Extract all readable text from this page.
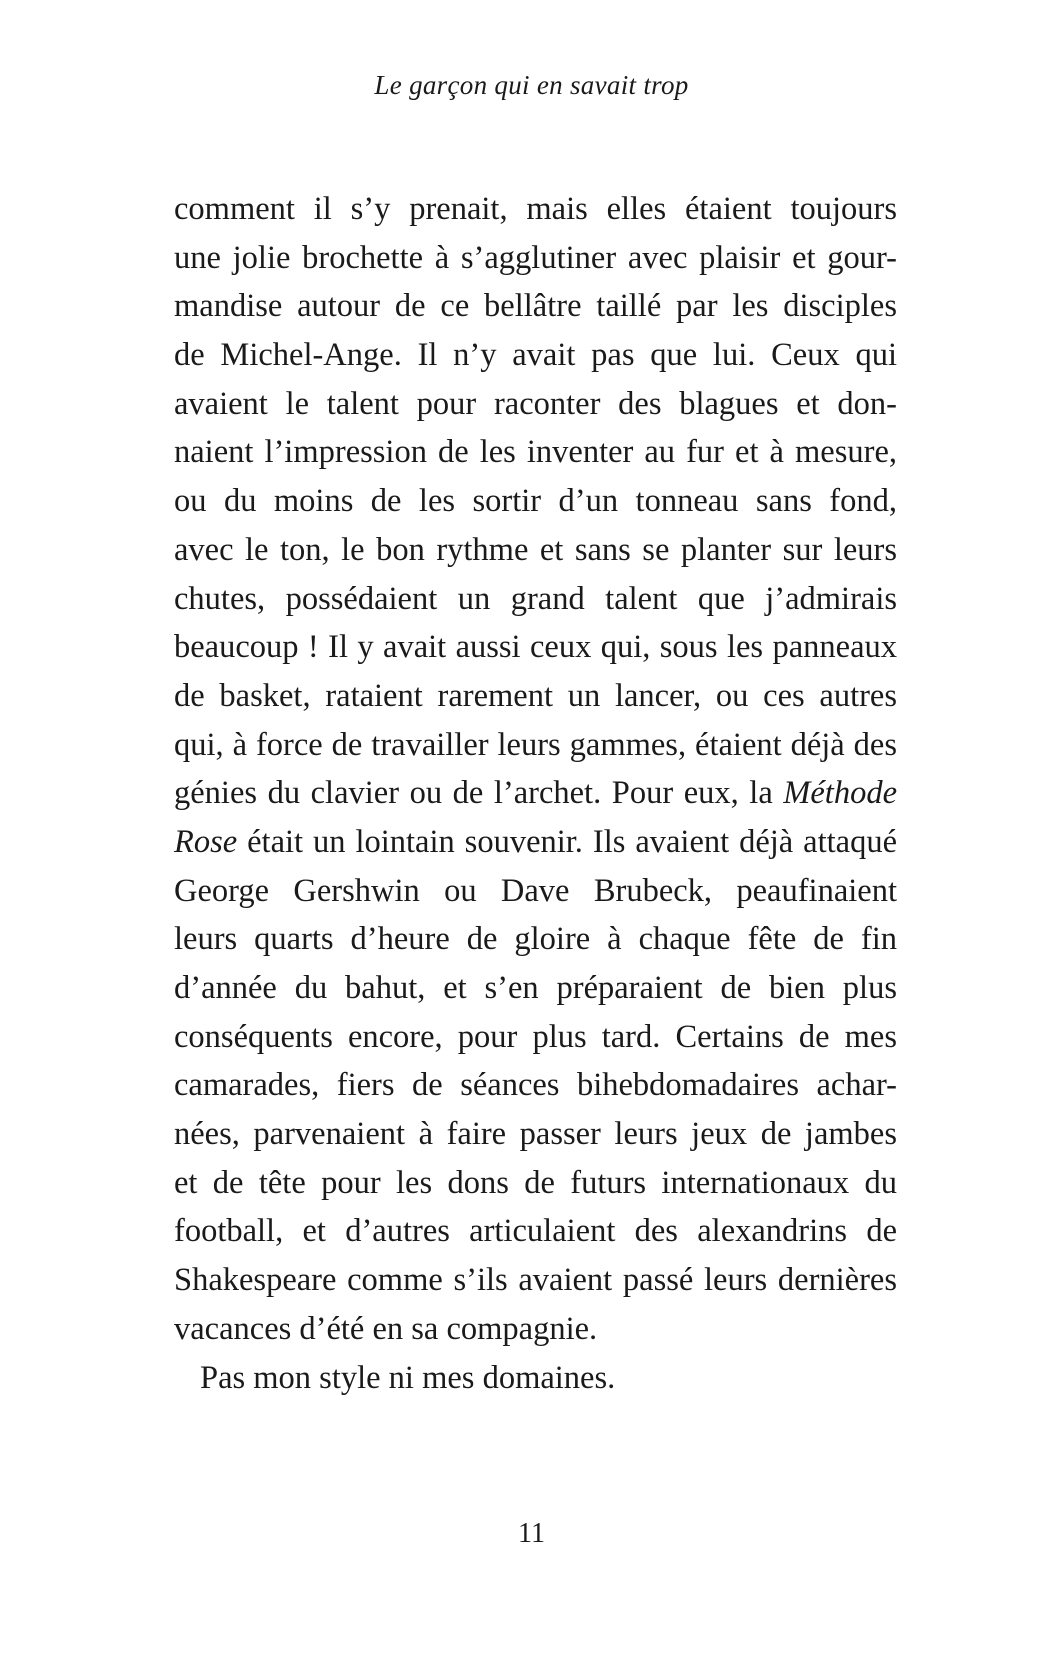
Le garçon qui en savait trop
comment il s’y prenait, mais elles étaient toujours
une jolie brochette à s’agglutiner avec plaisir et gour-
mandise autour de ce bellâtre taillé par les disciples
de Michel-Ange. Il n’y avait pas que lui. Ceux qui
avaient le talent pour raconter des blagues et don-
naient l’impression de les inventer au fur et à mesure,
ou du moins de les sortir d’un tonneau sans fond,
avec le ton, le bon rythme et sans se planter sur leurs
chutes, possédaient un grand talent que j’admirais
beaucoup ! Il y avait aussi ceux qui, sous les panneaux
de basket, rataient rarement un lancer, ou ces autres
qui, à force de travailler leurs gammes, étaient déjà des
génies du clavier ou de l’archet. Pour eux, la Méthode
Rose était un lointain souvenir. Ils avaient déjà attaqué
George Gershwin ou Dave Brubeck, peaufinaient
leurs quarts d’heure de gloire à chaque fête de fin
d’année du bahut, et s’en préparaient de bien plus
conséquents encore, pour plus tard. Certains de mes
camarades, fiers de séances bihebdomadaires achar-
nées, parvenaient à faire passer leurs jeux de jambes
et de tête pour les dons de futurs internationaux du
football, et d’autres articulaient des alexandrins de
Shakespeare comme s’ils avaient passé leurs dernières
vacances d’été en sa compagnie.
Pas mon style ni mes domaines.
11
